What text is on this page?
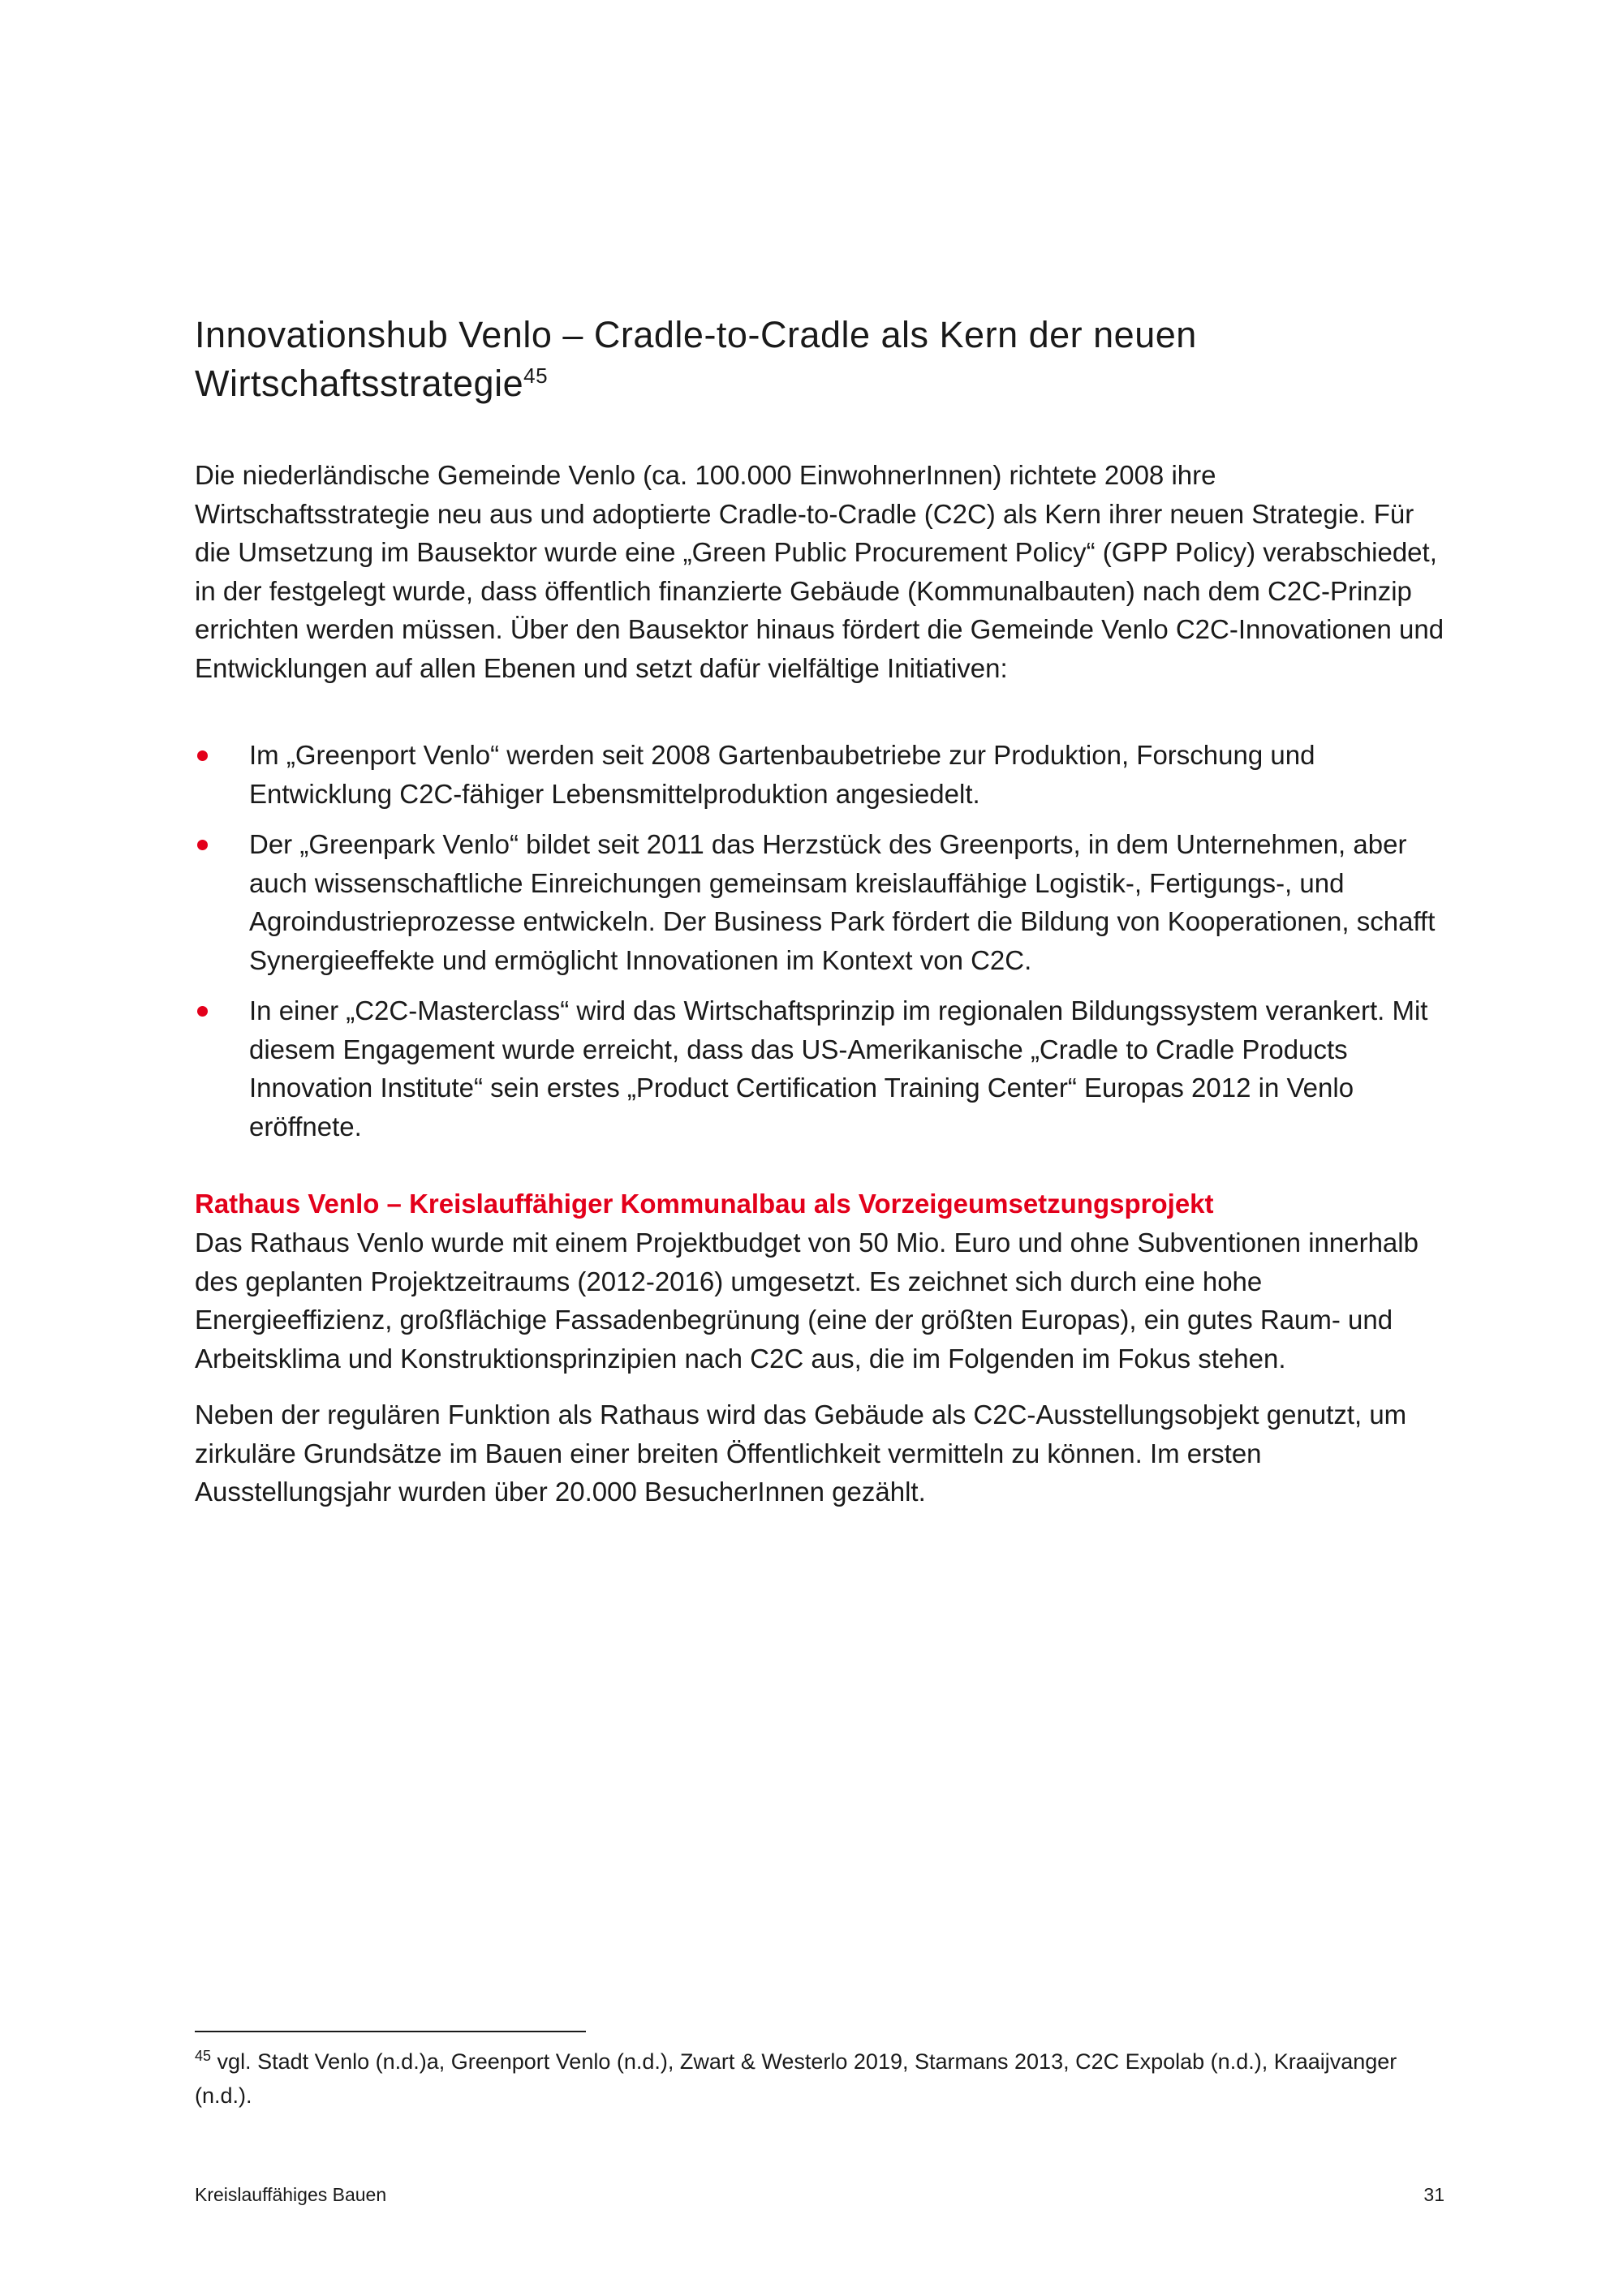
Innovationshub Venlo – Cradle-to-Cradle als Kern der neuen Wirtschaftsstrategie$^{45}$

Die niederländische Gemeinde Venlo (ca. 100.000 EinwohnerInnen) richtete 2008 ihre Wirtschaftsstrategie neu aus und adoptierte Cradle-to-Cradle (C2C) als Kern ihrer neuen Strategie. Für die Umsetzung im Bausektor wurde eine „Green Public Procurement Policy“ (GPP Policy) verabschiedet, in der festgelegt wurde, dass öffentlich finanzierte Gebäude (Kommunalbauten) nach dem C2C-Prinzip errichten werden müssen. Über den Bausektor hinaus fördert die Gemeinde Venlo C2C-Innovationen und Entwicklungen auf allen Ebenen und setzt dafür vielfältige Initiativen:

Im „Greenport Venlo“ werden seit 2008 Gartenbaubetriebe zur Produktion, Forschung und Entwicklung C2C-fähiger Lebensmittelproduktion angesiedelt.
Der „Greenpark Venlo“ bildet seit 2011 das Herzstück des Greenports, in dem Unternehmen, aber auch wissenschaftliche Einreichungen gemeinsam kreislauffähige Logistik-, Fertigungs-, und Agroindustrieprozesse entwickeln. Der Business Park fördert die Bildung von Kooperationen, schafft Synergieeffekte und ermöglicht Innovationen im Kontext von C2C.
In einer „C2C-Masterclass“ wird das Wirtschaftsprinzip im regionalen Bildungssystem verankert. Mit diesem Engagement wurde erreicht, dass das US-Amerikanische „Cradle to Cradle Products Innovation Institute“ sein erstes „Product Certification Training Center“ Europas 2012 in Venlo eröffnete.
Rathaus Venlo – Kreislauffähiger Kommunalbau als Vorzeigeumsetzungsprojekt

Das Rathaus Venlo wurde mit einem Projektbudget von 50 Mio. Euro und ohne Subventionen innerhalb des geplanten Projektzeitraums (2012-2016) umgesetzt. Es zeichnet sich durch eine hohe Energieeffizienz, großflächige Fassadenbegrünung (eine der größten Europas), ein gutes Raum- und Arbeitsklima und Konstruktionsprinzipien nach C2C aus, die im Folgenden im Fokus stehen.

Neben der regulären Funktion als Rathaus wird das Gebäude als C2C-Ausstellungsobjekt genutzt, um zirkuläre Grundsätze im Bauen einer breiten Öffentlichkeit vermitteln zu können. Im ersten Ausstellungsjahr wurden über 20.000 BesucherInnen gezählt.

$^{45}$ vgl. Stadt Venlo (n.d.)a, Greenport Venlo (n.d.), Zwart & Westerlo 2019, Starmans 2013, C2C Expolab (n.d.), Kraaijvanger (n.d.).

Kreislauffähiges Bauen	31
